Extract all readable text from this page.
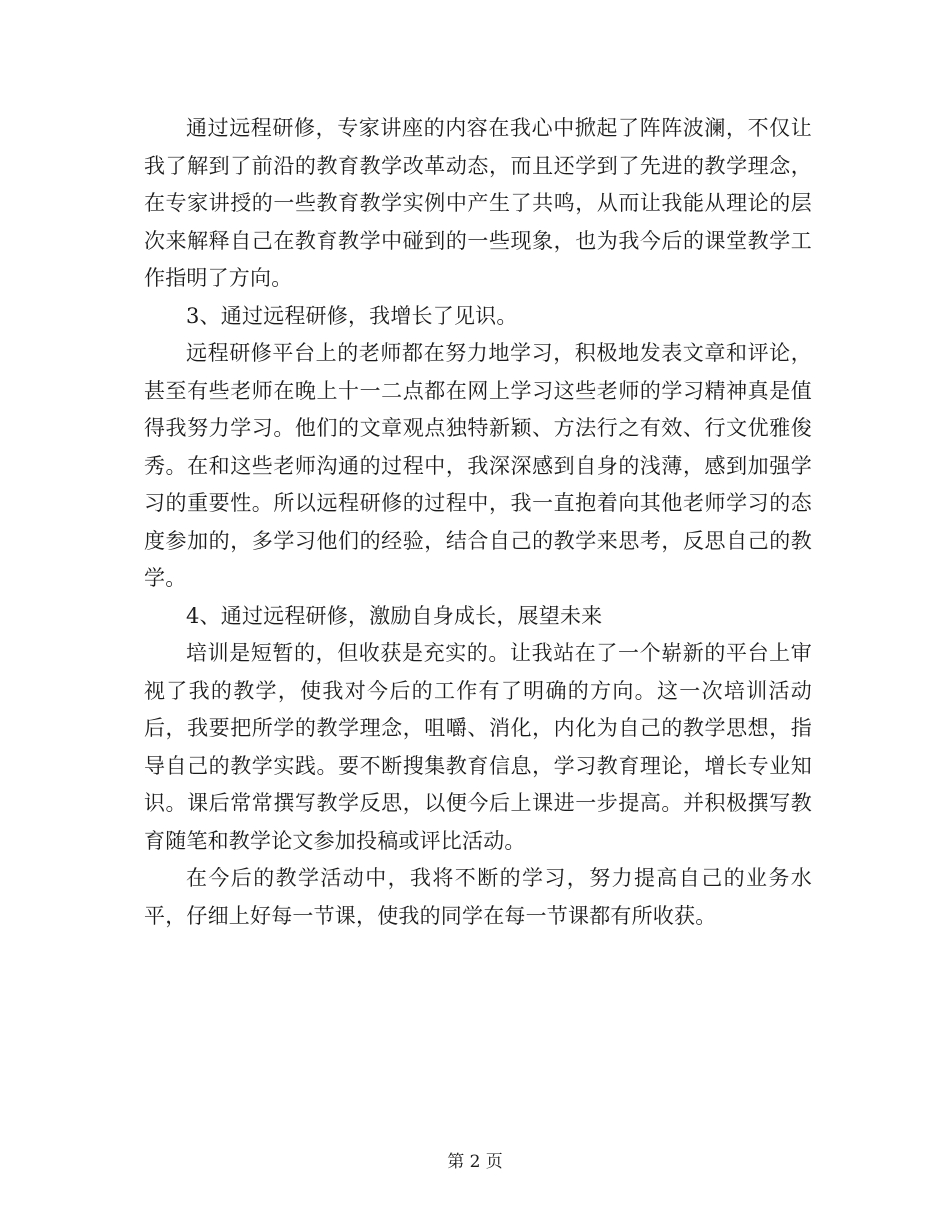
通过远程研修，专家讲座的内容在我心中掀起了阵阵波澜，不仅让我了解到了前沿的教育教学改革动态，而且还学到了先进的教学理念，在专家讲授的一些教育教学实例中产生了共鸣，从而让我能从理论的层次来解释自己在教育教学中碰到的一些现象，也为我今后的课堂教学工作指明了方向。

3、通过远程研修，我增长了见识。

远程研修平台上的老师都在努力地学习，积极地发表文章和评论，甚至有些老师在晚上十一二点都在网上学习这些老师的学习精神真是值得我努力学习。他们的文章观点独特新颖、方法行之有效、行文优雅俊秀。在和这些老师沟通的过程中，我深深感到自身的浅薄，感到加强学习的重要性。所以远程研修的过程中，我一直抱着向其他老师学习的态度参加的，多学习他们的经验，结合自己的教学来思考，反思自己的教学。

4、通过远程研修，激励自身成长，展望未来

培训是短暂的，但收获是充实的。让我站在了一个崭新的平台上审视了我的教学，使我对今后的工作有了明确的方向。这一次培训活动后，我要把所学的教学理念，咀嚼、消化，内化为自己的教学思想，指导自己的教学实践。要不断搜集教育信息，学习教育理论，增长专业知识。课后常常撰写教学反思，以便今后上课进一步提高。并积极撰写教育随笔和教学论文参加投稿或评比活动。

在今后的教学活动中，我将不断的学习，努力提高自己的业务水平，仔细上好每一节课，使我的同学在每一节课都有所收获。

第 2 页
